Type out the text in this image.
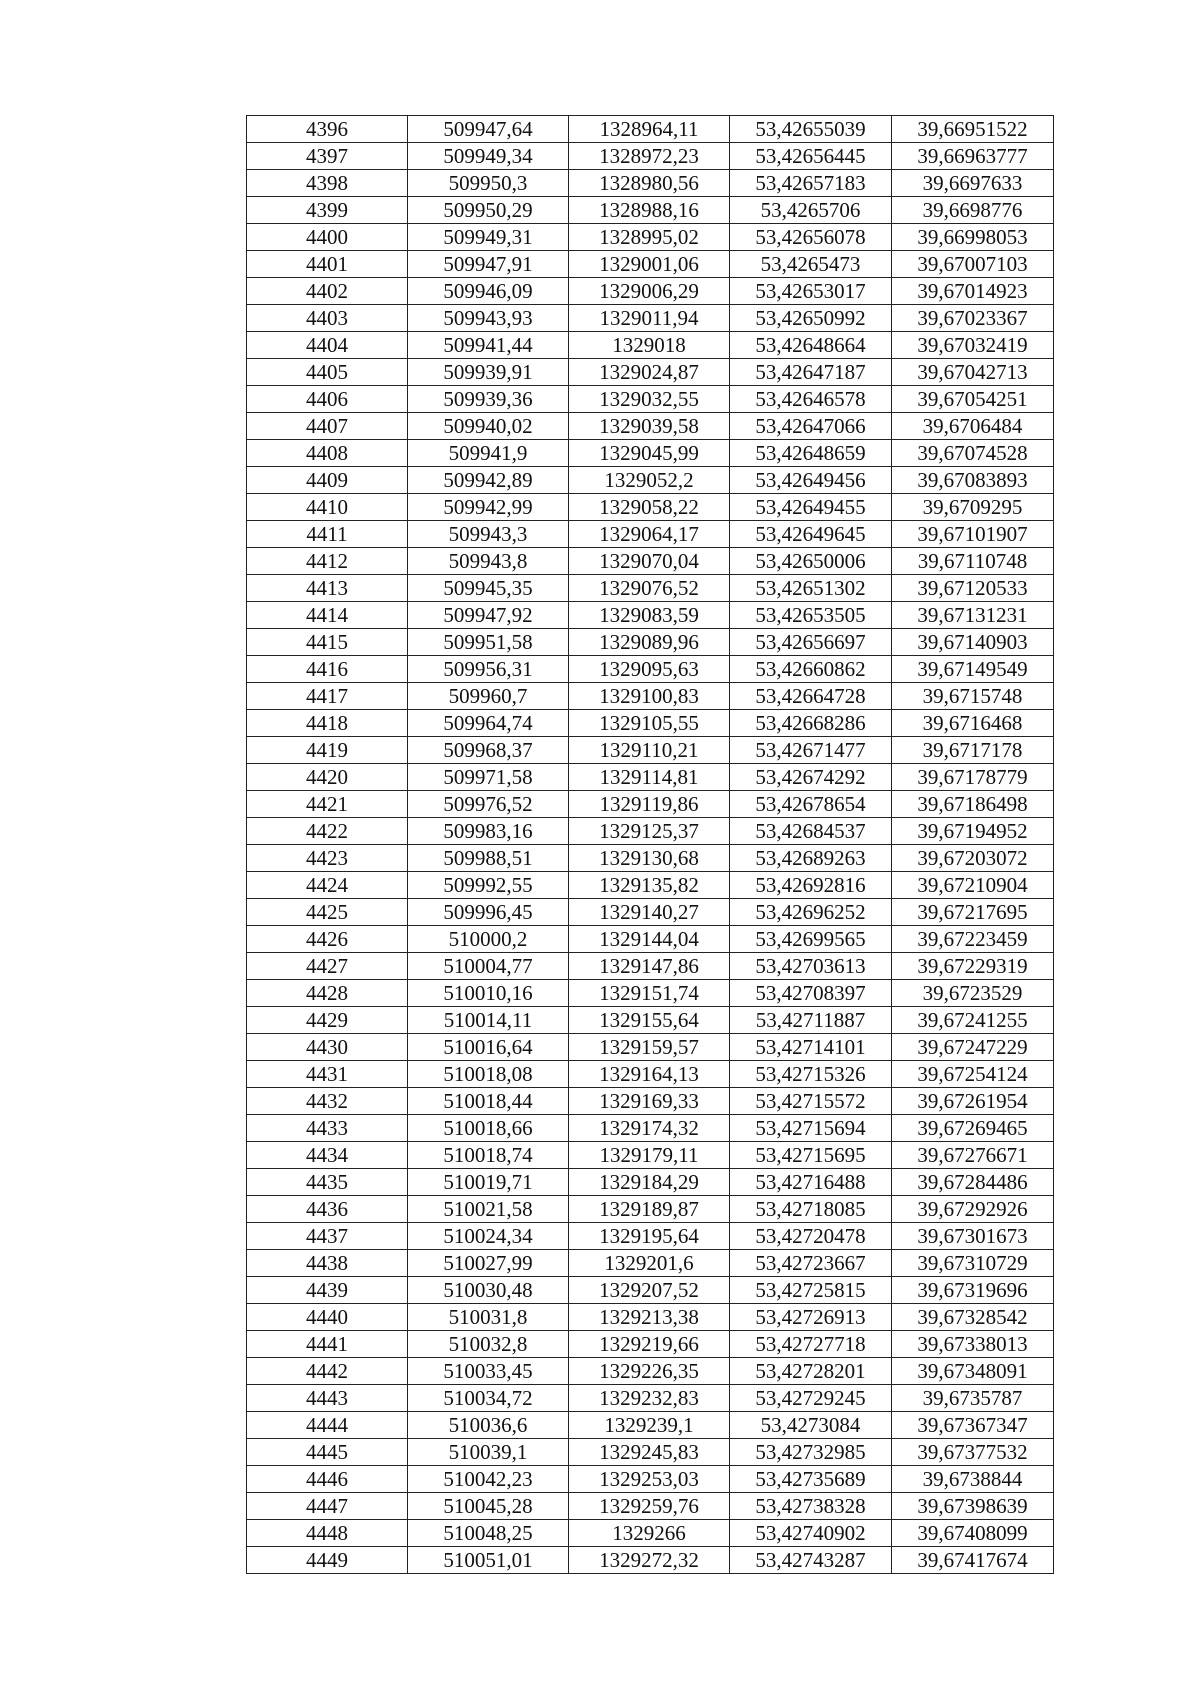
4396	509947,64	1328964,11	53,42655039	39,66951522
4397	509949,34	1328972,23	53,42656445	39,66963777
4398	509950,3	1328980,56	53,42657183	39,6697633
4399	509950,29	1328988,16	53,4265706	39,6698776
4400	509949,31	1328995,02	53,42656078	39,66998053
4401	509947,91	1329001,06	53,4265473	39,67007103
4402	509946,09	1329006,29	53,42653017	39,67014923
4403	509943,93	1329011,94	53,42650992	39,67023367
4404	509941,44	1329018	53,42648664	39,67032419
4405	509939,91	1329024,87	53,42647187	39,67042713
4406	509939,36	1329032,55	53,42646578	39,67054251
4407	509940,02	1329039,58	53,42647066	39,6706484
4408	509941,9	1329045,99	53,42648659	39,67074528
4409	509942,89	1329052,2	53,42649456	39,67083893
4410	509942,99	1329058,22	53,42649455	39,6709295
4411	509943,3	1329064,17	53,42649645	39,67101907
4412	509943,8	1329070,04	53,42650006	39,67110748
4413	509945,35	1329076,52	53,42651302	39,67120533
4414	509947,92	1329083,59	53,42653505	39,67131231
4415	509951,58	1329089,96	53,42656697	39,67140903
4416	509956,31	1329095,63	53,42660862	39,67149549
4417	509960,7	1329100,83	53,42664728	39,6715748
4418	509964,74	1329105,55	53,42668286	39,6716468
4419	509968,37	1329110,21	53,42671477	39,6717178
4420	509971,58	1329114,81	53,42674292	39,67178779
4421	509976,52	1329119,86	53,42678654	39,67186498
4422	509983,16	1329125,37	53,42684537	39,67194952
4423	509988,51	1329130,68	53,42689263	39,67203072
4424	509992,55	1329135,82	53,42692816	39,67210904
4425	509996,45	1329140,27	53,42696252	39,67217695
4426	510000,2	1329144,04	53,42699565	39,67223459
4427	510004,77	1329147,86	53,42703613	39,67229319
4428	510010,16	1329151,74	53,42708397	39,6723529
4429	510014,11	1329155,64	53,42711887	39,67241255
4430	510016,64	1329159,57	53,42714101	39,67247229
4431	510018,08	1329164,13	53,42715326	39,67254124
4432	510018,44	1329169,33	53,42715572	39,67261954
4433	510018,66	1329174,32	53,42715694	39,67269465
4434	510018,74	1329179,11	53,42715695	39,67276671
4435	510019,71	1329184,29	53,42716488	39,67284486
4436	510021,58	1329189,87	53,42718085	39,67292926
4437	510024,34	1329195,64	53,42720478	39,67301673
4438	510027,99	1329201,6	53,42723667	39,67310729
4439	510030,48	1329207,52	53,42725815	39,67319696
4440	510031,8	1329213,38	53,42726913	39,67328542
4441	510032,8	1329219,66	53,42727718	39,67338013
4442	510033,45	1329226,35	53,42728201	39,67348091
4443	510034,72	1329232,83	53,42729245	39,6735787
4444	510036,6	1329239,1	53,4273084	39,67367347
4445	510039,1	1329245,83	53,42732985	39,67377532
4446	510042,23	1329253,03	53,42735689	39,6738844
4447	510045,28	1329259,76	53,42738328	39,67398639
4448	510048,25	1329266	53,42740902	39,67408099
4449	510051,01	1329272,32	53,42743287	39,67417674
